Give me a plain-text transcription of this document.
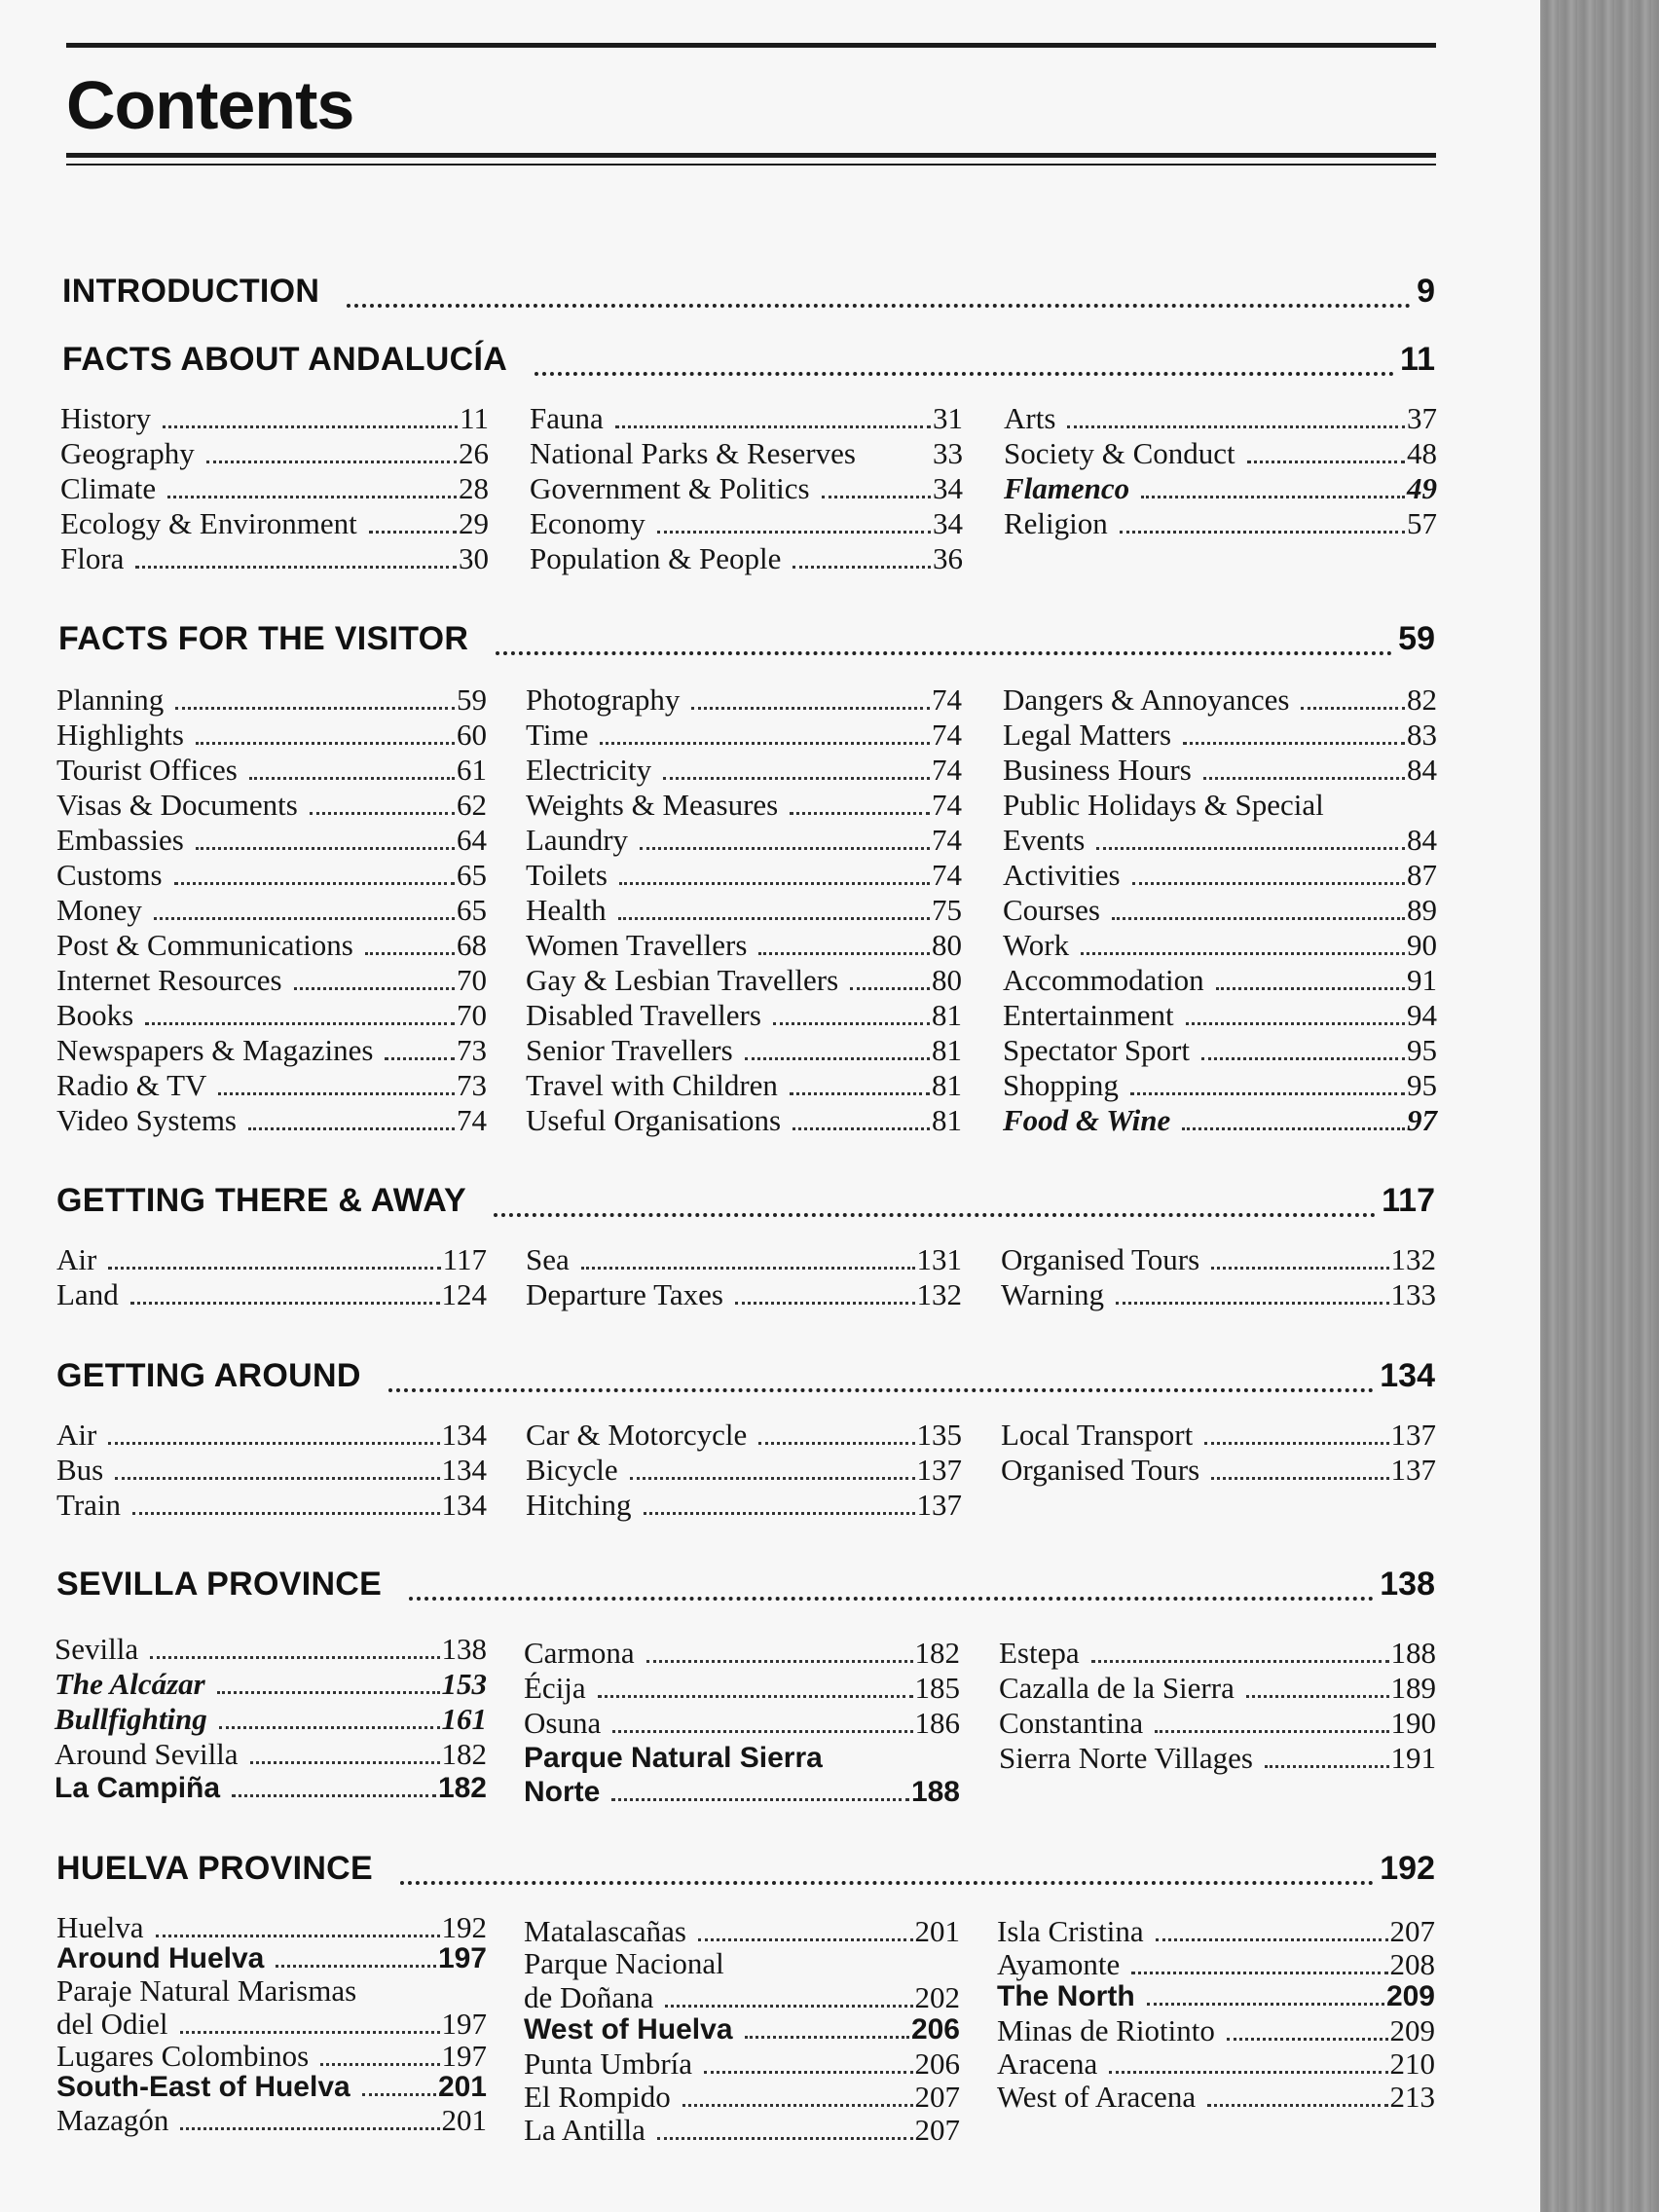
Contents
INTRODUCTION	9
FACTS ABOUT ANDALUCÍA	11
History	11
Geography	26
Climate	28
Ecology & Environment	29
Flora	30
Fauna	31
National Parks & Reserves	33
Government & Politics	34
Economy	34
Population & People	36
Arts	37
Society & Conduct	48
Flamenco	49
Religion	57
FACTS FOR THE VISITOR	59
Planning	59
Highlights	60
Tourist Offices	61
Visas & Documents	62
Embassies	64
Customs	65
Money	65
Post & Communications	68
Internet Resources	70
Books	70
Newspapers & Magazines	73
Radio & TV	73
Video Systems	74
Photography	74
Time	74
Electricity	74
Weights & Measures	74
Laundry	74
Toilets	74
Health	75
Women Travellers	80
Gay & Lesbian Travellers	80
Disabled Travellers	81
Senior Travellers	81
Travel with Children	81
Useful Organisations	81
Dangers & Annoyances	82
Legal Matters	83
Business Hours	84
Public Holidays & Special
Events	84
Activities	87
Courses	89
Work	90
Accommodation	91
Entertainment	94
Spectator Sport	95
Shopping	95
Food & Wine	97
GETTING THERE & AWAY	117
Air	117
Land	124
Sea	131
Departure Taxes	132
Organised Tours	132
Warning	133
GETTING AROUND	134
Air	134
Bus	134
Train	134
Car & Motorcycle	135
Bicycle	137
Hitching	137
Local Transport	137
Organised Tours	137
SEVILLA PROVINCE	138
Sevilla	138
The Alcázar	153
Bullfighting	161
Around Sevilla	182
La Campiña	182
Carmona	182
Écija	185
Osuna	186
Parque Natural Sierra
Norte	188
Estepa	188
Cazalla de la Sierra	189
Constantina	190
Sierra Norte Villages	191
HUELVA PROVINCE	192
Huelva	192
Around Huelva	197
Paraje Natural Marismas
del Odiel	197
Lugares Colombinos	197
South-East of Huelva	201
Mazagón	201
Matalascañas	201
Parque Nacional
de Doñana	202
West of Huelva	206
Punta Umbría	206
El Rompido	207
La Antilla	207
Isla Cristina	207
Ayamonte	208
The North	209
Minas de Riotinto	209
Aracena	210
West of Aracena	213
